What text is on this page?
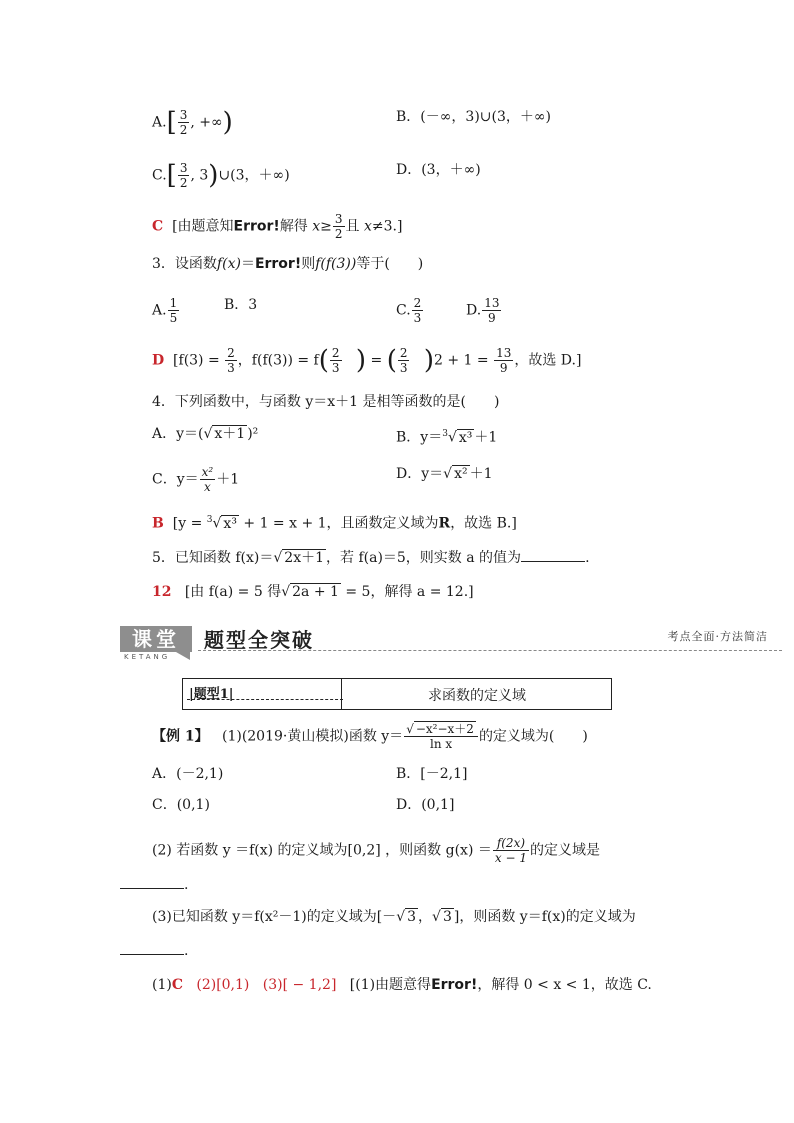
$A.[ \frac{3}{2}$ , +∞)	B．(－∞，3)∪(3，＋∞)
$C.[ \frac{3}{2}$ , 3)∪(3，＋∞)	D．(3，＋∞)
C [由题意知Error!解得 $x\ge \frac{3}{2}$ 且 x≠3.]
3．设函数f(x)＝Error!则f(f(3))等于(　　)
A. $\frac{1}{5}$	B．3	C. $\frac{2}{3}$	D. $\frac{13}{9}$
D [$f(3) = \frac{2}{3}$ ，$f(f(3)) = f( \frac{2}{3}$ ) = ( $\frac{2}{3} )2 + 1 = \frac{13}{9}$ ，故选 D.]
4．下列函数中，与函数 y＝x＋1 是相等函数的是(　　)
A．y＝(√ x＋1 )²	B．y＝$^3$√ x³ ＋1
C．$y= \frac{\text{x²}}{x} +1$	D．y＝√ x² ＋1
B [y = $^3$√ x³ + 1 = x + 1，且函数定义域为R，故选 B.]
5．已知函数 f(x)＝√ 2x＋1 ，若 f(a)＝5，则实数 a 的值为	.
12 [由 f(a) = 5 得√ 2a + 1 = 5，解得 a = 12.]
课堂
KETANG
题型全突破	考点全面·方法简洁
|题型1|	求函数的定义域
【例 1】 (1)(2019·黄山模拟)函数 $y= \frac{\text{√ −x²−x＋2}}{\text{ln x}}$ 的定义域为(　　)
A．(－2,1)	B．[－2,1]
C．(0,1)	D．(0,1]
(2) 若函数 y ＝f(x) 的定义域为[0,2] ，则函数 $g(x) = \frac{f(2x)}{x - 1}$ 的定义域是
.
(3)已知函数 y＝f(x²－1)的定义域为[－√ 3 ，√ 3 ]，则函数 y＝f(x)的定义域为
.
(1)C (2)[0,1) (3)[ − 1,2] [(1)由题意得Error!，解得 0 < x < 1，故选 C.
